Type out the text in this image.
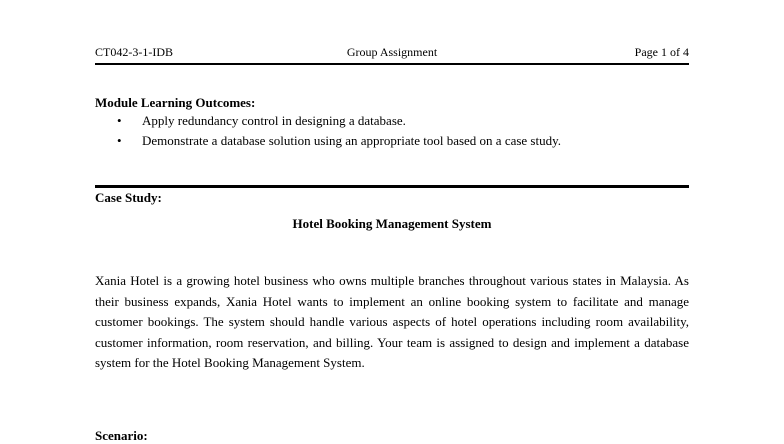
CT042-3-1-IDB	Group Assignment	Page 1 of 4
Module Learning Outcomes:
• Apply redundancy control in designing a database.
• Demonstrate a database solution using an appropriate tool based on a case study.
Case Study:
Hotel Booking Management System

Xania Hotel is a growing hotel business who owns multiple branches throughout various states in Malaysia. As their business expands, Xania Hotel wants to implement an online booking system to facilitate and manage customer bookings. The system should handle various aspects of hotel operations including room availability, customer information, room reservation, and billing. Your team is assigned to design and implement a database system for the Hotel Booking Management System.

Scenario:
